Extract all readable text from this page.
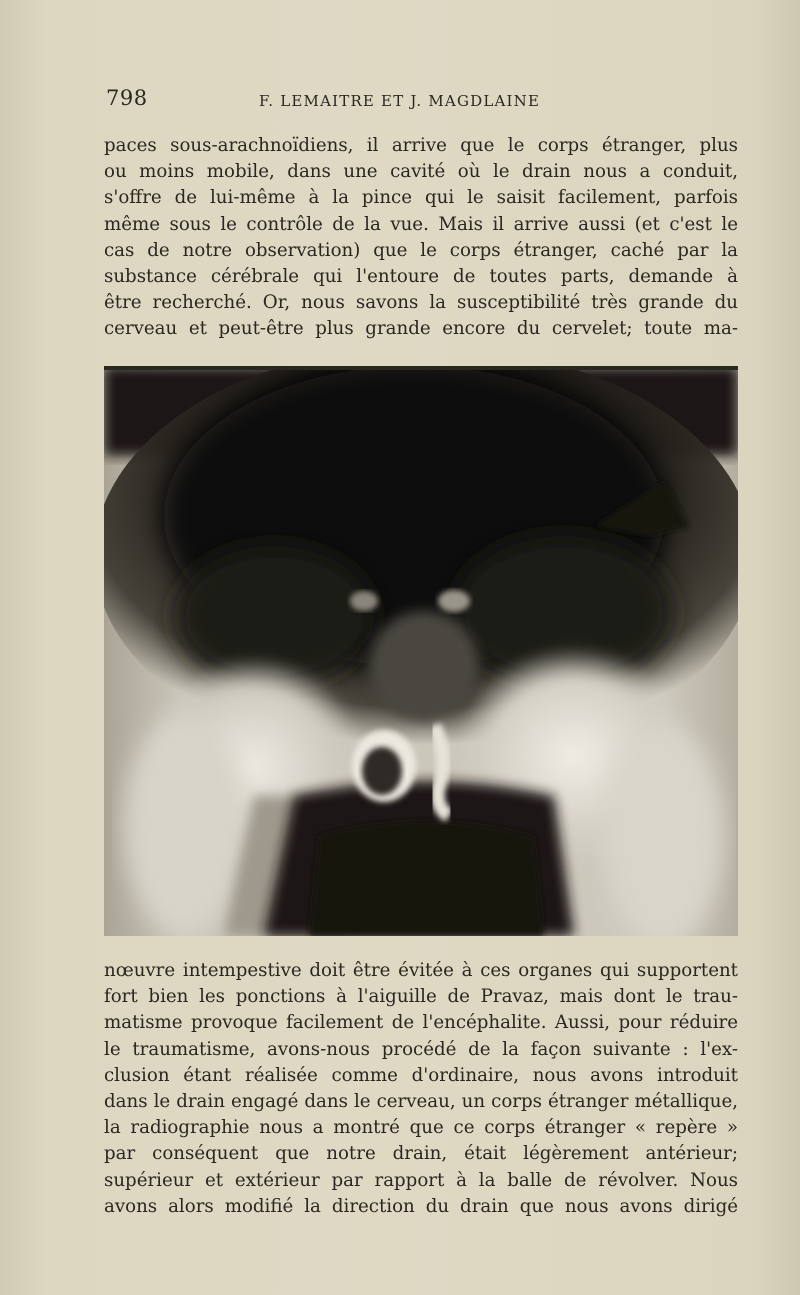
798	F. LEMAITRE ET J. MAGDLAINE
paces sous-arachnoïdiens, il arrive que le corps étranger, plus
ou moins mobile, dans une cavité où le drain nous a conduit,
s'offre de lui-même à la pince qui le saisit facilement, parfois
même sous le contrôle de la vue. Mais il arrive aussi (et c'est le
cas de notre observation) que le corps étranger, caché par la
substance cérébrale qui l'entoure de toutes parts, demande à
être recherché. Or, nous savons la susceptibilité très grande du
cerveau et peut-être plus grande encore du cervelet; toute ma-
nœuvre intempestive doit être évitée à ces organes qui supportent
fort bien les ponctions à l'aiguille de Pravaz, mais dont le trau-
matisme provoque facilement de l'encéphalite. Aussi, pour réduire
le traumatisme, avons-nous procédé de la façon suivante : l'ex-
clusion étant réalisée comme d'ordinaire, nous avons introduit
dans le drain engagé dans le cerveau, un corps étranger métallique,
la radiographie nous a montré que ce corps étranger « repère »
par conséquent que notre drain, était légèrement antérieur;
supérieur et extérieur par rapport à la balle de révolver. Nous
avons alors modifié la direction du drain que nous avons dirigé
